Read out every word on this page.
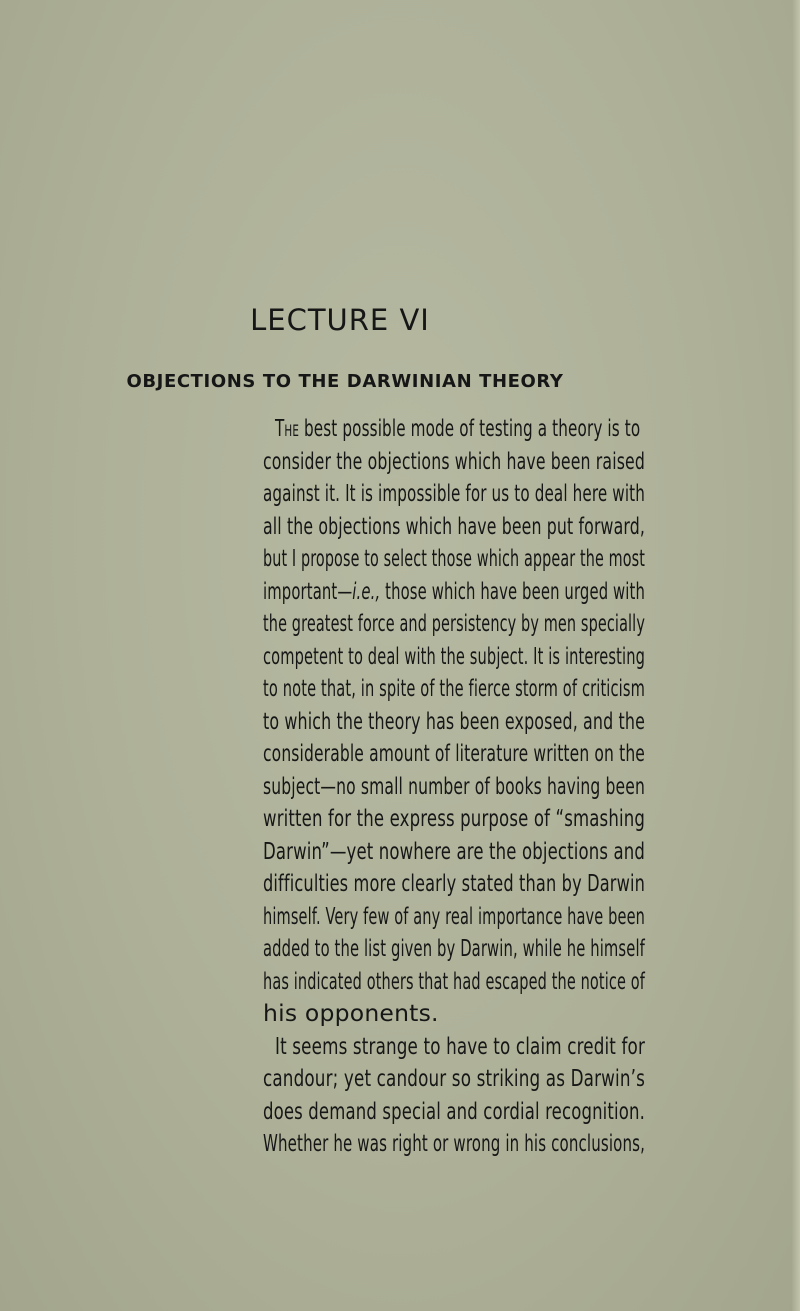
LECTURE VI
OBJECTIONS TO THE DARWINIAN THEORY
The best possible mode of testing a theory is to
consider the objections which have been raised
against it. It is impossible for us to deal here with
all the objections which have been put forward,
but I propose to select those which appear the most
important—i.e., those which have been urged with
the greatest force and persistency by men specially
competent to deal with the subject. It is interesting
to note that, in spite of the fierce storm of criticism
to which the theory has been exposed, and the
considerable amount of literature written on the
subject—no small number of books having been
written for the express purpose of “smashing
Darwin”—yet nowhere are the objections and
difficulties more clearly stated than by Darwin
himself. Very few of any real importance have been
added to the list given by Darwin, while he himself
has indicated others that had escaped the notice of
his opponents.
It seems strange to have to claim credit for
candour; yet candour so striking as Darwin’s
does demand special and cordial recognition.
Whether he was right or wrong in his conclusions,
